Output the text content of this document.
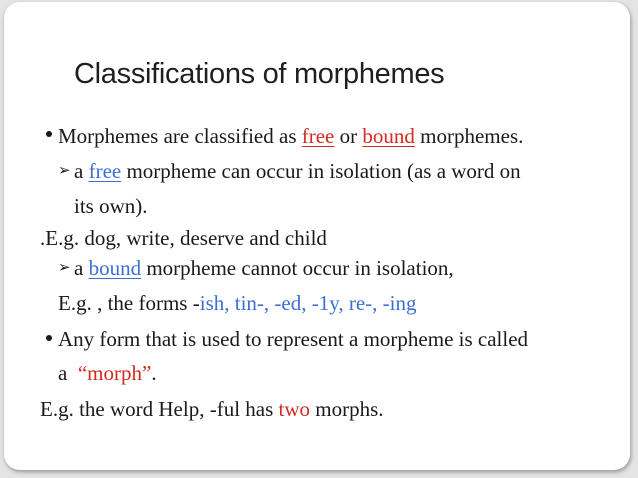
Classifications of morphemes
Morphemes are classified as free or bound morphemes.
➢ a free morpheme can occur in isolation (as a word on
its own).
.E.g. dog, write, deserve and child
➢ a bound morpheme cannot occur in isolation,
E.g. , the forms -ish, tin-, -ed, -1y, re-, -ing
Any form that is used to represent a morpheme is called
a  “morph”.
E.g. the word Help, -ful has two morphs.
